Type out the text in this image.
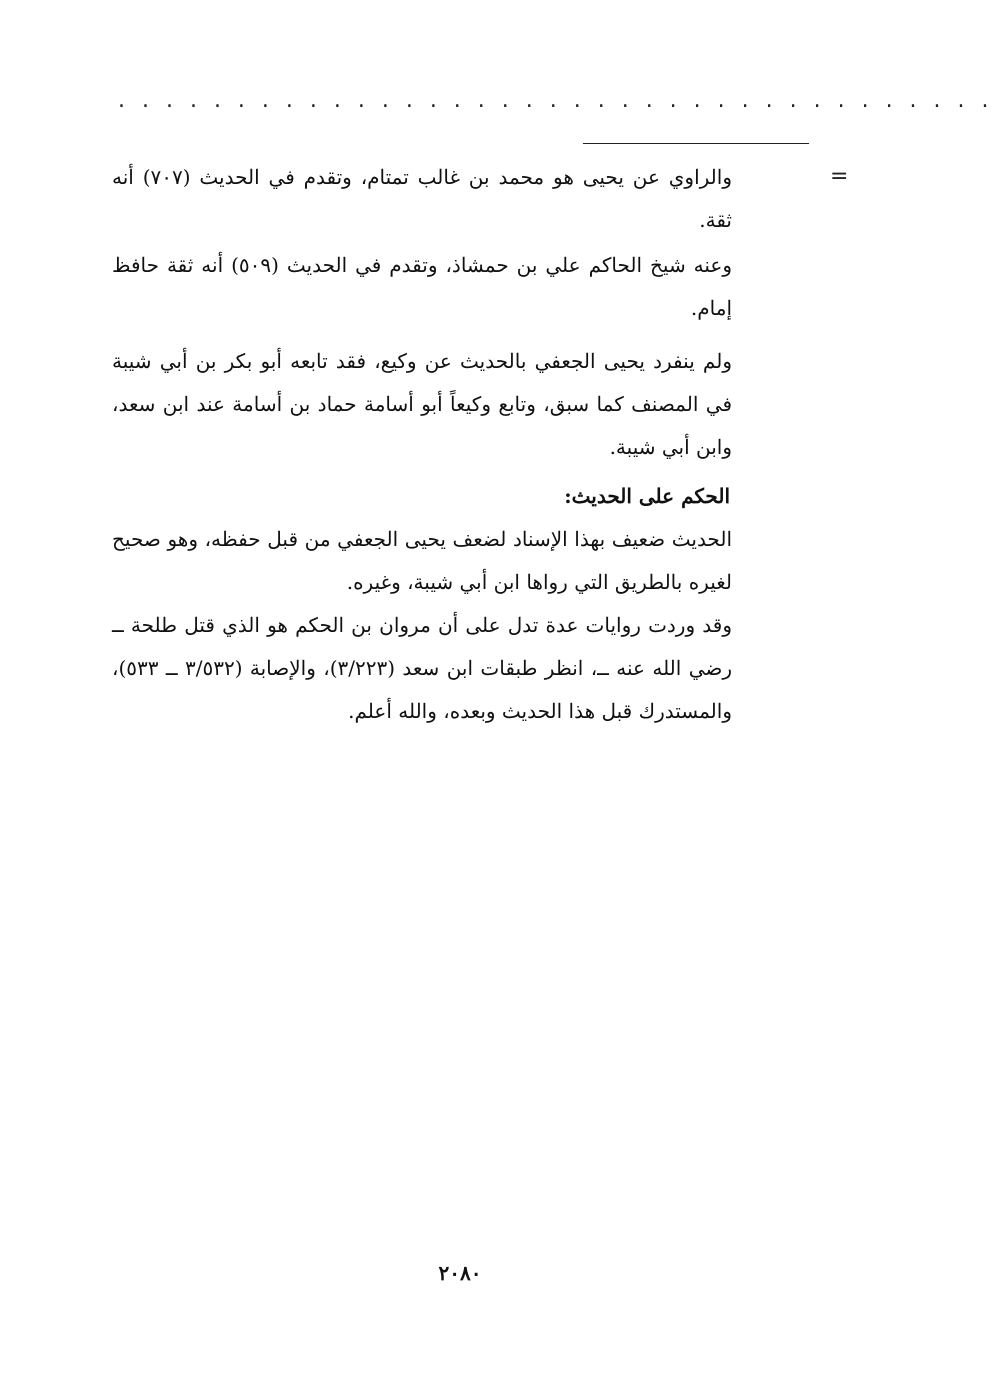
. . . . . . . . . . . . . . . . . . . . . . . . . . . . . . . . . . . . .
=

والراوي عن يحيى هو محمد بن غالب تمتام، وتقدم في الحديث (٧٠٧) أنه ثقة.

وعنه شيخ الحاكم علي بن حمشاذ، وتقدم في الحديث (٥٠٩) أنه ثقة حافظ إمام.

ولم ينفرد يحيى الجعفي بالحديث عن وكيع، فقد تابعه أبو بكر بن أبي شيبة في المصنف كما سبق، وتابع وكيعاً أبو أسامة حماد بن أسامة عند ابن سعد، وابن أبي شيبة.

الحكم على الحديث:

الحديث ضعيف بهذا الإسناد لضعف يحيى الجعفي من قبل حفظه، وهو صحيح لغيره بالطريق التي رواها ابن أبي شيبة، وغيره.

وقد وردت روايات عدة تدل على أن مروان بن الحكم هو الذي قتل طلحة ــ رضي الله عنه ــ، انظر طبقات ابن سعد (٣/٢٢٣)، والإصابة (٣/٥٣٢ ــ ٥٣٣)، والمستدرك قبل هذا الحديث وبعده، والله أعلم.

٢٠٨٠
